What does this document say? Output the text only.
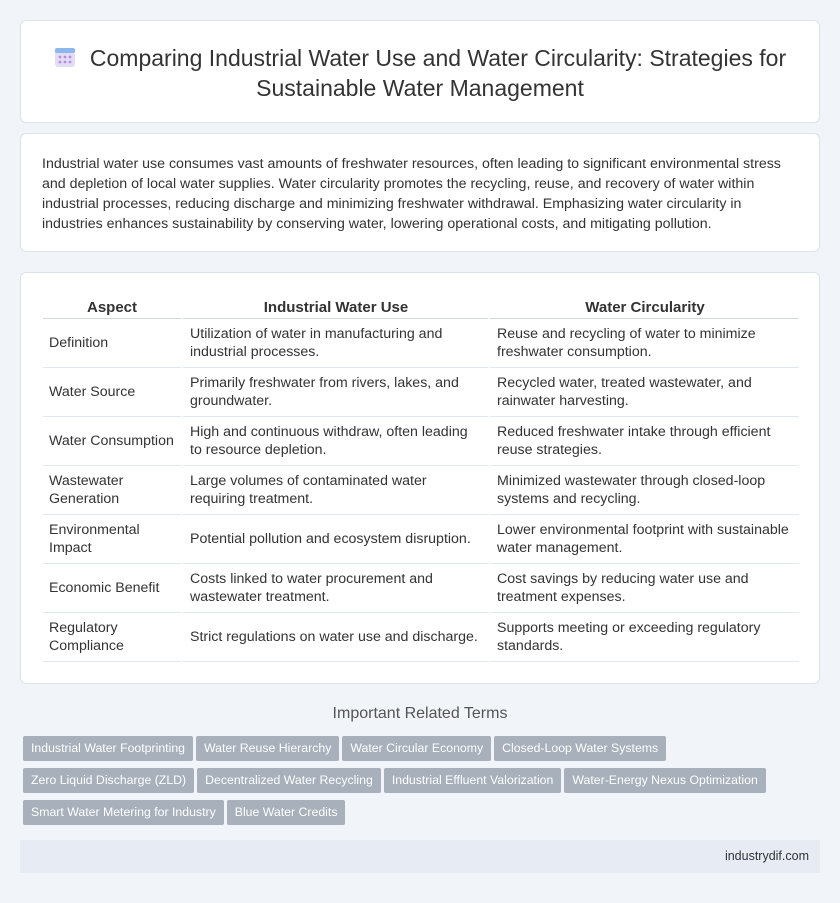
Comparing Industrial Water Use and Water Circularity: Strategies for Sustainable Water Management

Industrial water use consumes vast amounts of freshwater resources, often leading to significant environmental stress and depletion of local water supplies. Water circularity promotes the recycling, reuse, and recovery of water within industrial processes, reducing discharge and minimizing freshwater withdrawal. Emphasizing water circularity in industries enhances sustainability by conserving water, lowering operational costs, and mitigating pollution.

Aspect	Industrial Water Use	Water Circularity
Definition	Utilization of water in manufacturing and industrial processes.	Reuse and recycling of water to minimize freshwater consumption.
Water Source	Primarily freshwater from rivers, lakes, and groundwater.	Recycled water, treated wastewater, and rainwater harvesting.
Water Consumption	High and continuous withdraw, often leading to resource depletion.	Reduced freshwater intake through efficient reuse strategies.
Wastewater Generation	Large volumes of contaminated water requiring treatment.	Minimized wastewater through closed-loop systems and recycling.
Environmental Impact	Potential pollution and ecosystem disruption.	Lower environmental footprint with sustainable water management.
Economic Benefit	Costs linked to water procurement and wastewater treatment.	Cost savings by reducing water use and treatment expenses.
Regulatory Compliance	Strict regulations on water use and discharge.	Supports meeting or exceeding regulatory standards.
Important Related Terms
Industrial Water Footprinting Water Reuse Hierarchy Water Circular Economy Closed-Loop Water Systems
Zero Liquid Discharge (ZLD) Decentralized Water Recycling Industrial Effluent Valorization Water-Energy Nexus Optimization
Smart Water Metering for Industry Blue Water Credits
industrydif.com
